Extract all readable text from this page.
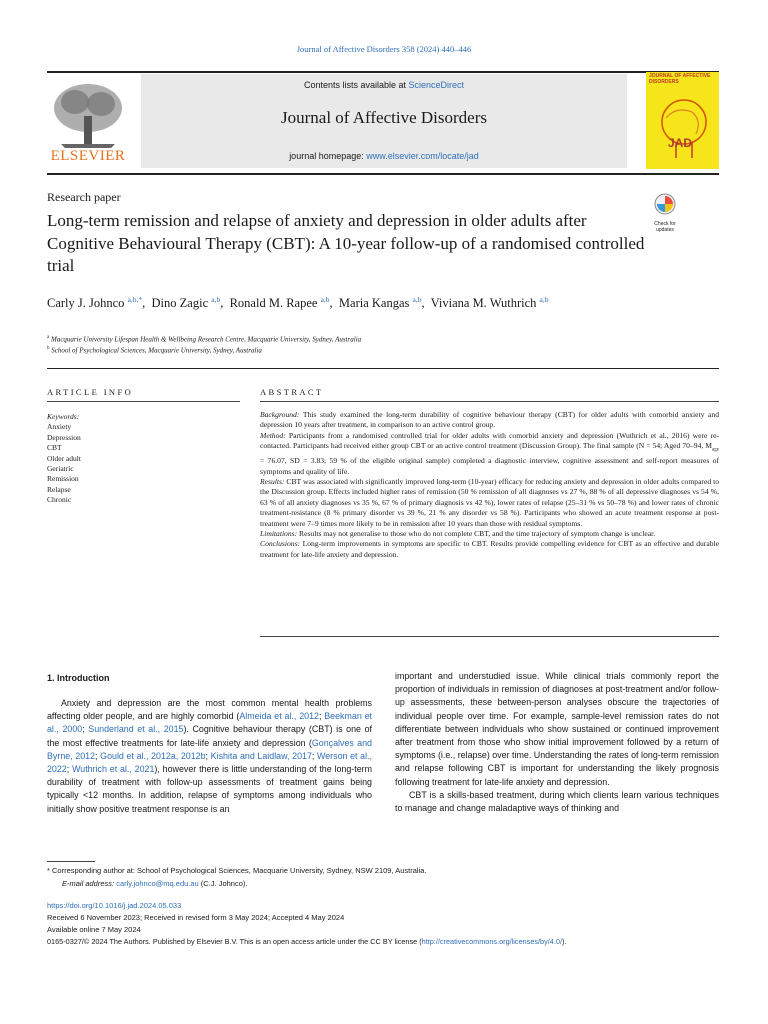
Journal of Affective Disorders 358 (2024) 440–446
ELSEVIER
Contents lists available at ScienceDirect
Journal of Affective Disorders
journal homepage: www.elsevier.com/locate/jad
JOURNAL OF AFFECTIVE DISORDERS
JAD
Research paper
Long-term remission and relapse of anxiety and depression in older adults after Cognitive Behavioural Therapy (CBT): A 10-year follow-up of a randomised controlled trial
Check for updates
Carly J. Johnco $^{a,b,*}$,  Dino Zagic $^{a,b}$,  Ronald M. Rapee $^{a,b}$,  Maria Kangas $^{a,b}$,  Viviana M. Wuthrich $^{a,b}$
$^a$ Macquarie University Lifespan Health & Wellbeing Research Centre, Macquarie University, Sydney, Australia
$^b$ School of Psychological Sciences, Macquarie University, Sydney, Australia
ARTICLE INFO	ABSTRACT
Keywords:
Anxiety
Depression
CBT
Older adult
Geriatric
Remission
Relapse
Chronic

Background: This study examined the long-term durability of cognitive behaviour therapy (CBT) for older adults with comorbid anxiety and depression 10 years after treatment, in comparison to an active control group.

Method: Participants from a randomised controlled trial for older adults with comorbid anxiety and depression (Wuthrich et al., 2016) were re-contacted. Participants had received either group CBT or an active control treatment (Discussion Group). The final sample (N = 54; Aged 70–94, $M_{age} = 76.07$, SD = 3.83; 59 % of the eligible original sample) completed a diagnostic interview, cognitive assessment and self-report measures of symptoms and quality of life.

Results: CBT was associated with significantly improved long-term (10-year) efficacy for reducing anxiety and depression in older adults compared to the Discussion group. Effects included higher rates of remission (50 % remission of all diagnoses vs 27 %, 88 % of all depressive diagnoses vs 54 %, 63 % of all anxiety diagnoses vs 35 %, 67 % of primary diagnosis vs 42 %), lower rates of relapse (25–31 % vs 50–78 %) and lower rates of chronic treatment-resistance (8 % primary disorder vs 39 %, 21 % any disorder vs 58 %). Participants who showed an acute treatment response at post-treatment were 7–9 times more likely to be in remission after 10 years than those with residual symptoms.

Limitations: Results may not generalise to those who do not complete CBT, and the time trajectory of symptom change is unclear.

Conclusions: Long-term improvements in symptoms are specific to CBT. Results provide compelling evidence for CBT as an effective and durable treatment for late-life anxiety and depression.

1. Introduction

Anxiety and depression are the most common mental health problems affecting older people, and are highly comorbid (Almeida et al., 2012; Beekman et al., 2000; Sunderland et al., 2015). Cognitive behaviour therapy (CBT) is one of the most effective treatments for late-life anxiety and depression (Gonçalves and Byrne, 2012; Gould et al., 2012a, 2012b; Kishita and Laidlaw, 2017; Werson et al., 2022; Wuthrich et al., 2021), however there is little understanding of the long-term durability of treatment with follow-up assessments of treatment gains being typically <12 months. In addition, relapse of symptoms among individuals who initially show positive treatment response is an

important and understudied issue. While clinical trials commonly report the proportion of individuals in remission of diagnoses at post-treatment and/or follow-up assessments, these between-person analyses obscure the trajectories of individual people over time. For example, sample-level remission rates do not differentiate between individuals who show sustained or continued improvement after treatment from those who show initial improvement followed by a return of symptoms (i.e., relapse) over time. Understanding the rates of long-term remission and relapse following CBT is important for understanding the likely prognosis following treatment for late-life anxiety and depression.

CBT is a skills-based treatment, during which clients learn various techniques to manage and change maladaptive ways of thinking and

* Corresponding author at: School of Psychological Sciences, Macquarie University, Sydney, NSW 2109, Australia.
E-mail address: carly.johnco@mq.edu.au (C.J. Johnco).
https://doi.org/10.1016/j.jad.2024.05.033
Received 6 November 2023; Received in revised form 3 May 2024; Accepted 4 May 2024
Available online 7 May 2024
0165-0327/© 2024 The Authors. Published by Elsevier B.V. This is an open access article under the CC BY license (http://creativecommons.org/licenses/by/4.0/).
